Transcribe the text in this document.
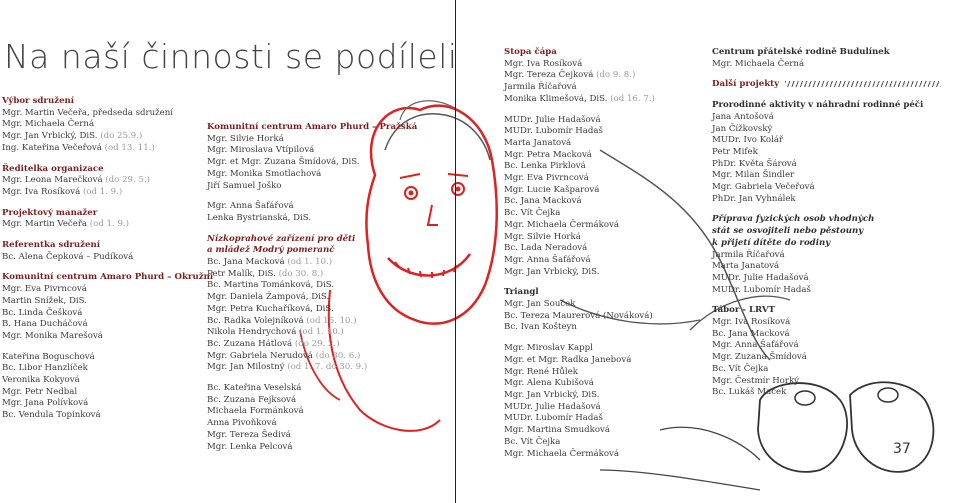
Na naší činnosti se podíleli
Výbor sdružení
Mgr. Martin Večeřa, předseda sdružení
Mgr. Michaela Černá
Mgr. Jan Vrbický, DiS. (do 25.9.)
Ing. Kateřina Večeřová (od 13. 11.)
Ředitelka organizace
Mgr. Leona Marečková (do 29. 5.)
Mgr. Iva Rosíková (od 1. 9.)
Projektový manažer
Mgr. Martin Večeřa (od 1. 9.)
Referentka sdružení
Bc. Alena Čepková – Pudíková
Komunitní centrum Amaro Phurd – Okružní
Mgr. Eva Pivrncová
Martin Snížek, DiS.
Bc. Linda Češková
B. Hana Ducháčová
Mgr. Monika Marešová
Kateřina Boguschová
Bc. Libor Hanzlíček
Veronika Kokyová
Mgr. Petr Nedbal
Mgr. Jana Polívková
Bc. Vendula Topinková
Komunitní centrum Amaro Phurd – Pražská
Mgr. Silvie Horká
Mgr. Miroslava Vtípilová
Mgr. et Mgr. Zuzana Šmídová, DiS.
Mgr. Monika Smotlachová
Jiří Samuel Joško
Mgr. Anna Šafářová
Lenka Bystrianská, DiS.
Nízkoprahové zařízení pro děti
a mládež Modrý pomeranč
Bc. Jana Macková (od 1. 10.)
Petr Malík, DiS. (do 30. 8.)
Bc. Martina Tománková, DiS.
Mgr. Daniela Žampová, DiS.
Mgr. Petra Kuchaříková, DiS.
Bc. Radka Volejníková (od 15. 10.)
Nikola Hendrychová (od 1. 10.)
Bc. Zuzana Hátlová (do 29. 2.)
Mgr. Gabriela Nerudová (do 30. 6.)
Mgr. Jan Milostný (od 1. 7. do 30. 9.)
Bc. Kateřina Veselská
Bc. Zuzana Fejksová
Michaela Formánková
Anna Pivoňková
Mgr. Tereza Šedivá
Mgr. Lenka Pelcová
Stopa čápa
Mgr. Iva Rosíková
Mgr. Tereza Čejková (do 9. 8.)
Jarmila Říčařová
Monika Klimešová, DiS. (od 16. 7.)
MUDr. Julie Hadašová
MUDr. Lubomír Hadaš
Marta Janatová
Mgr. Petra Macková
Bc. Lenka Pirklová
Mgr. Eva Pivrncová
Mgr. Lucie Kašparová
Bc. Jana Macková
Bc. Vít Čejka
Mgr. Michaela Čermáková
Mgr. Silvie Horká
Bc. Lada Neradová
Mgr. Anna Šafářová
Mgr. Jan Vrbický, DiS.
Triangl
Mgr. Jan Souček
Bc. Tereza Maurerová (Nováková)
Bc. Ivan Košteyn
Mgr. Miroslav Kappl
Mgr. et Mgr. Radka Janebová
Mgr. René Hůlek
Mgr. Alena Kubišová
Mgr. Jan Vrbický, DiS.
MUDr. Julie Hadašová
MUDr. Lubomír Hadaš
Mgr. Martina Smudková
Bc. Vít Čejka
Mgr. Michaela Čermáková
Centrum přátelské rodině Budulínek
Mgr. Michaela Černá
Další projekty
Prorodinné aktivity v náhradní rodinné péči
Jana Antošová
Jan Čížkovský
MUDr. Ivo Kolář
Petr Mifek
PhDr. Květa Šárová
Mgr. Milan Šindler
Mgr. Gabriela Večeřová
PhDr. Jan Vyhnálek
Příprava fyzických osob vhodných
stát se osvojiteli nebo pěstouny
k přijetí dítěte do rodiny
Jarmila Říčařová
Marta Janatová
MUDr. Julie Hadašová
MUDr. Lubomír Hadaš
Tábor - LRVT
Mgr. Iva Rosíková
Bc. Jana Macková
Mgr. Anna Šafářová
Mgr. Zuzana Šmídová
Bc. Vít Čejka
Mgr. Čestmír Horký
Bc. Lukáš Macek
37
